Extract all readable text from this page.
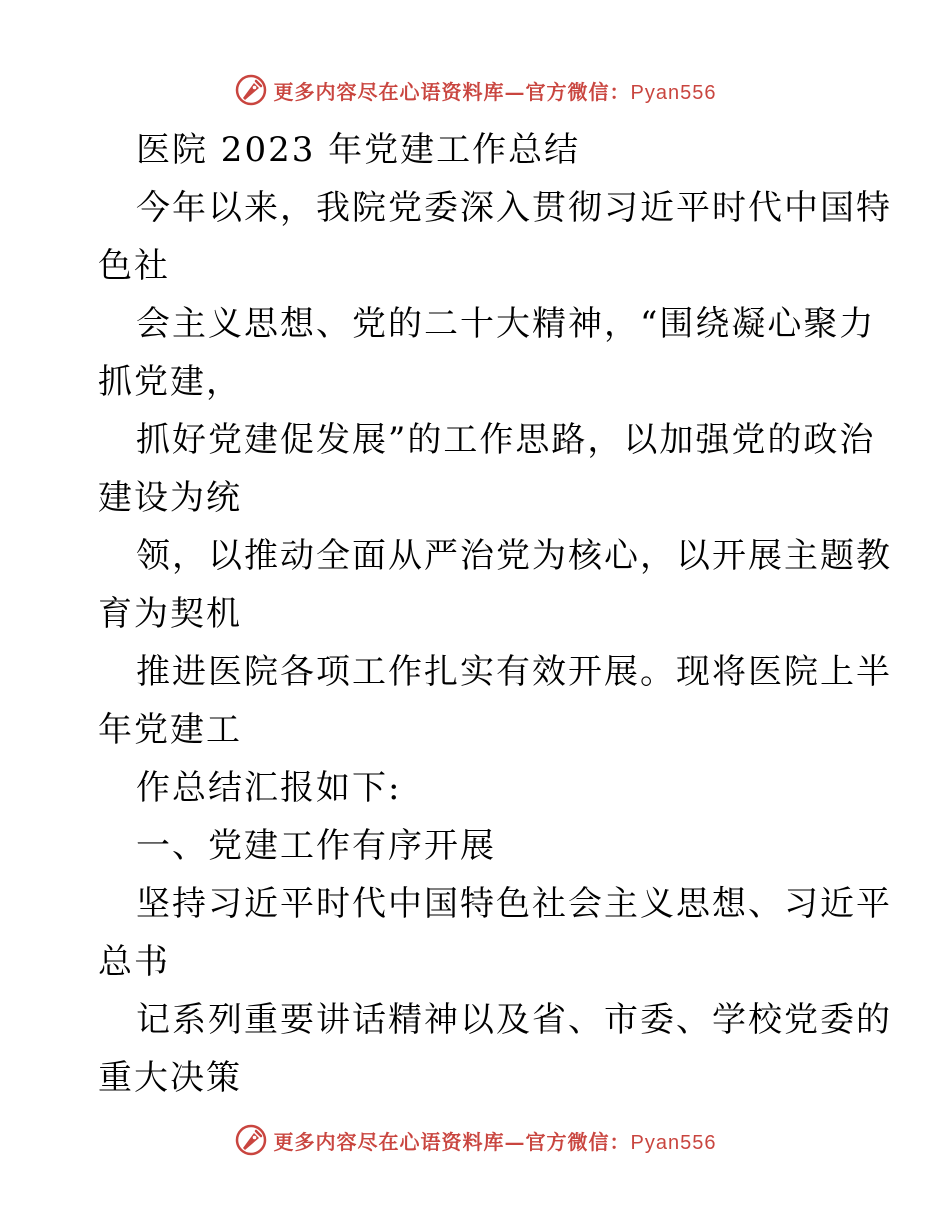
更多内容尽在心语资料库—官方微信：Pyan556
医院 2023 年党建工作总结
今年以来，我院党委深入贯彻习近平时代中国特
色社
会主义思想、党的二十大精神，“围绕凝心聚力
抓党建，
抓好党建促发展”的工作思路，以加强党的政治
建设为统
领，以推动全面从严治党为核心，以开展主题教
育为契机
推进医院各项工作扎实有效开展。现将医院上半
年党建工
作总结汇报如下:
一、党建工作有序开展
坚持习近平时代中国特色社会主义思想、习近平
总书
记系列重要讲话精神以及省、市委、学校党委的
重大决策
更多内容尽在心语资料库—官方微信：Pyan556
